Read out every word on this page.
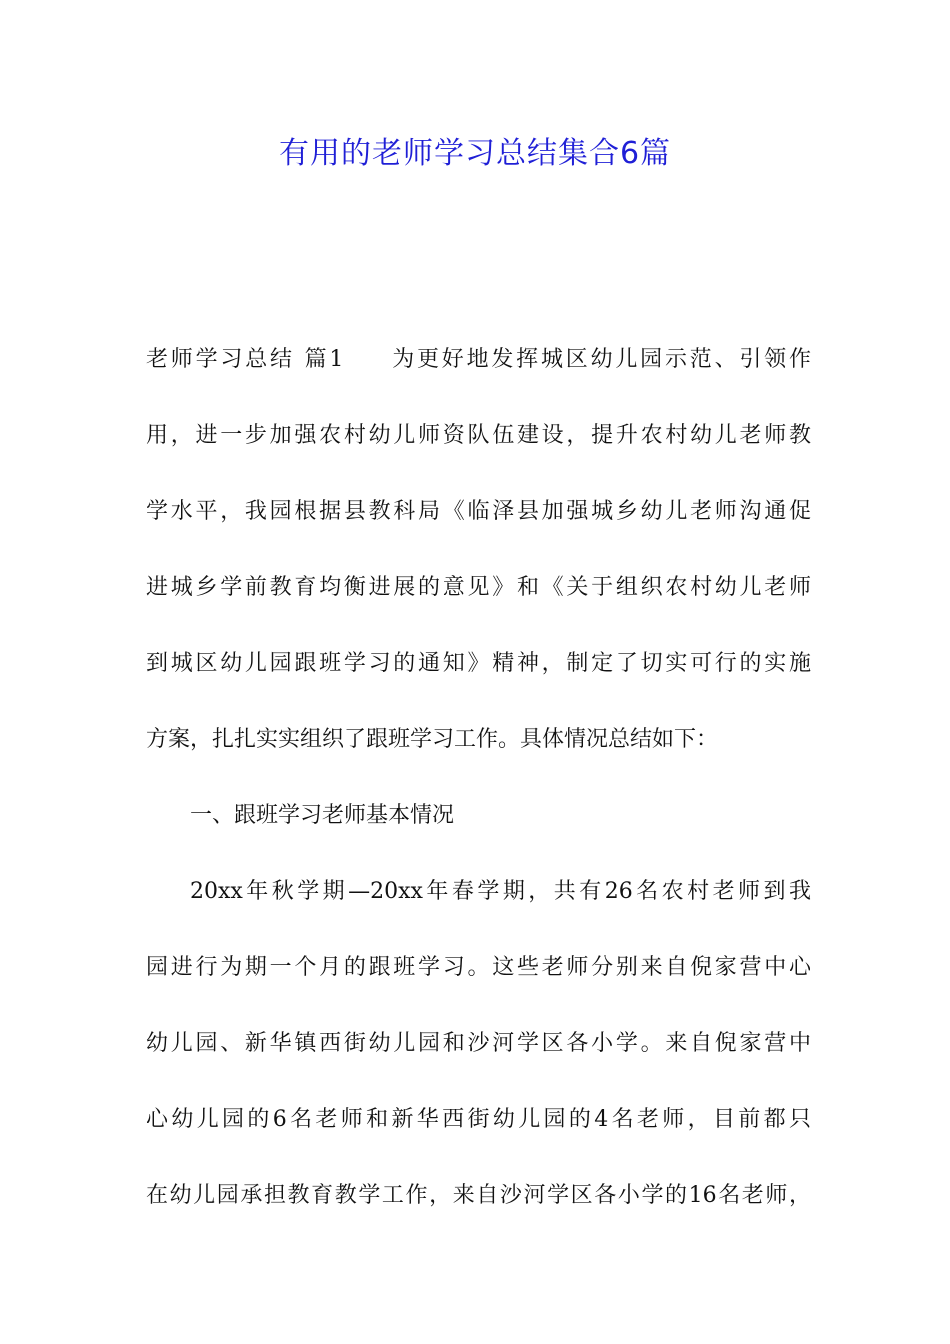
有用的老师学习总结集合6篇
老师学习总结 篇1 为更好地发挥城区幼儿园示范、引领作
用，进一步加强农村幼儿师资队伍建设，提升农村幼儿老师教
学水平，我园根据县教科局《临泽县加强城乡幼儿老师沟通促
进城乡学前教育均衡进展的意见》和《关于组织农村幼儿老师
到城区幼儿园跟班学习的通知》精神，制定了切实可行的实施
方案，扎扎实实组织了跟班学习工作。具体情况总结如下：
一、跟班学习老师基本情况
20xx年秋学期—20xx年春学期，共有26名农村老师到我
园进行为期一个月的跟班学习。这些老师分别来自倪家营中心
幼儿园、新华镇西街幼儿园和沙河学区各小学。来自倪家营中
心幼儿园的6名老师和新华西街幼儿园的4名老师，目前都只
在幼儿园承担教育教学工作，来自沙河学区各小学的16名老师，
